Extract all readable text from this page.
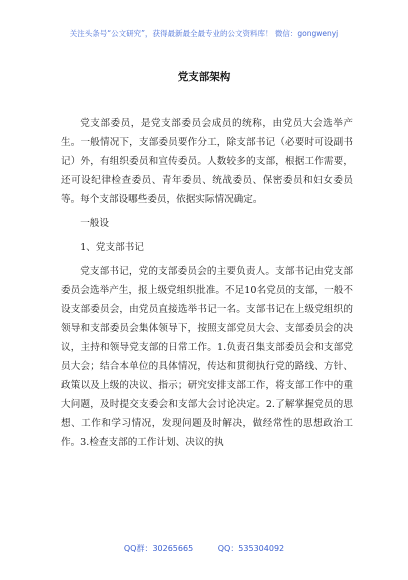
关注头条号“公文研究”，获得最新最全最专业的公文资料库！ 微信：gongwenyj
党支部架构

党支部委员，是党支部委员会成员的统称，由党员大会选举产生。一般情况下，支部委员要作分工，除支部书记（必要时可设副书记）外，有组织委员和宣传委员。人数较多的支部，根据工作需要，还可设纪律检查委员、青年委员、统战委员、保密委员和妇女委员等。每个支部设哪些委员，依据实际情况确定。

一般设

1、党支部书记

党支部书记，党的支部委员会的主要负责人。支部书记由党支部委员会选举产生，报上级党组织批准。不足10名党员的支部，一般不设支部委员会，由党员直接选举书记一名。支部书记在上级党组织的领导和支部委员会集体领导下，按照支部党员大会、支部委员会的决议，主持和领导党支部的日常工作。1.负责召集支部委员会和支部党员大会；结合本单位的具体情况，传达和贯彻执行党的路线、方针、政策以及上级的决议、指示；研究安排支部工作，将支部工作中的重大问题，及时提交支委会和支部大会讨论决定。2.了解掌握党员的思想、工作和学习情况，发现问题及时解决，做经常性的思想政治工作。3.检查支部的工作计划、决议的执

QQ群：30265665	QQ：535304092
